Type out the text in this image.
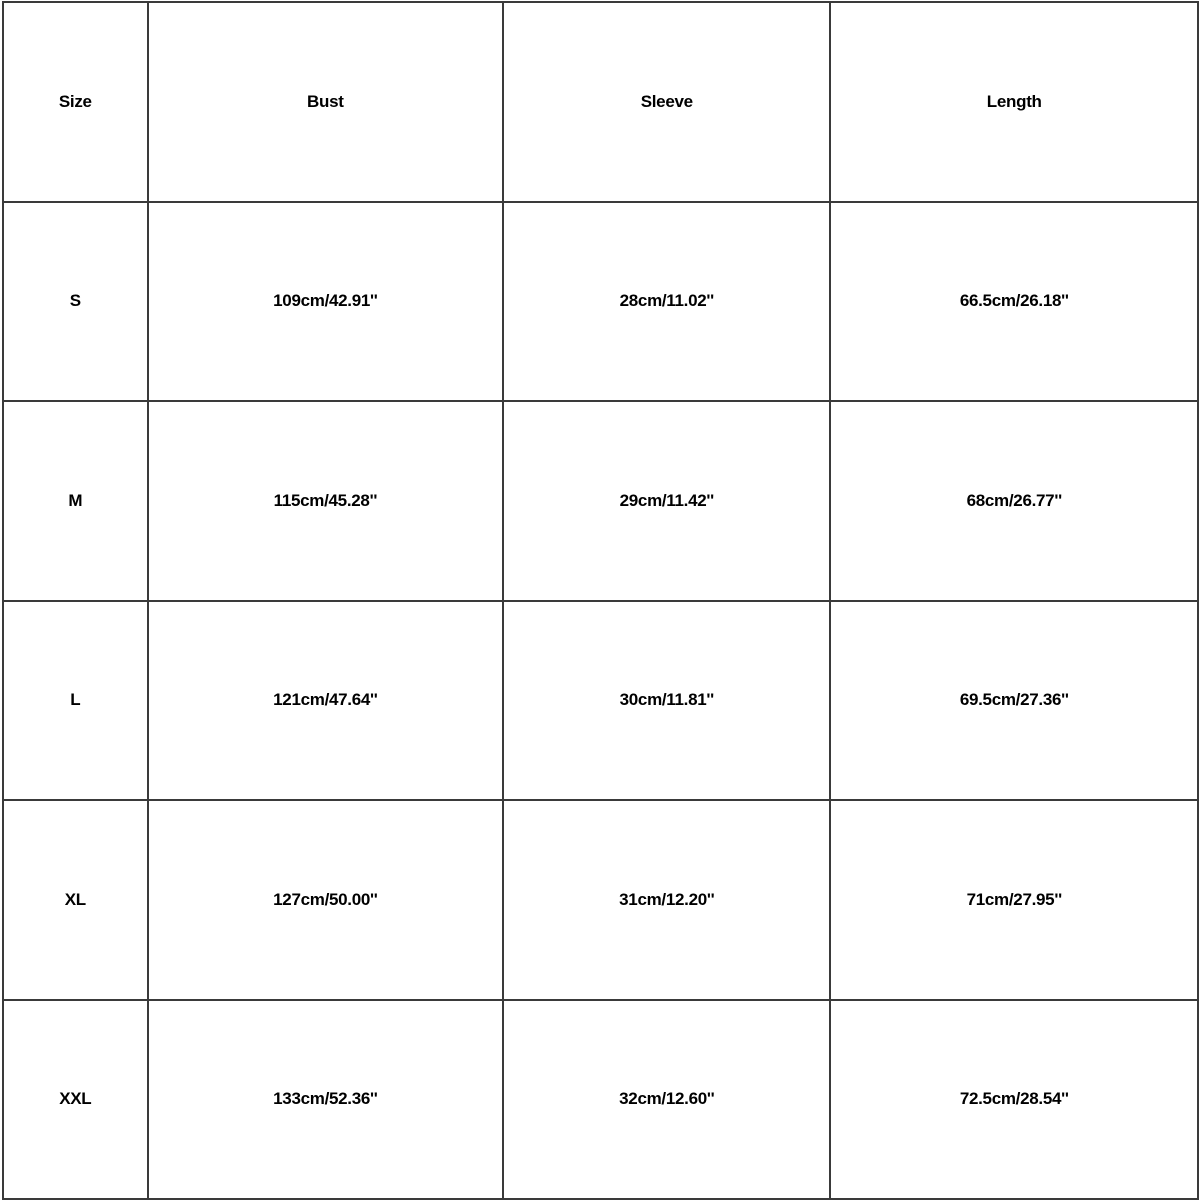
Size	Bust	Sleeve	Length
S	109cm/42.91''	28cm/11.02''	66.5cm/26.18''
M	115cm/45.28''	29cm/11.42''	68cm/26.77''
L	121cm/47.64''	30cm/11.81''	69.5cm/27.36''
XL	127cm/50.00''	31cm/12.20''	71cm/27.95''
XXL	133cm/52.36''	32cm/12.60''	72.5cm/28.54''
